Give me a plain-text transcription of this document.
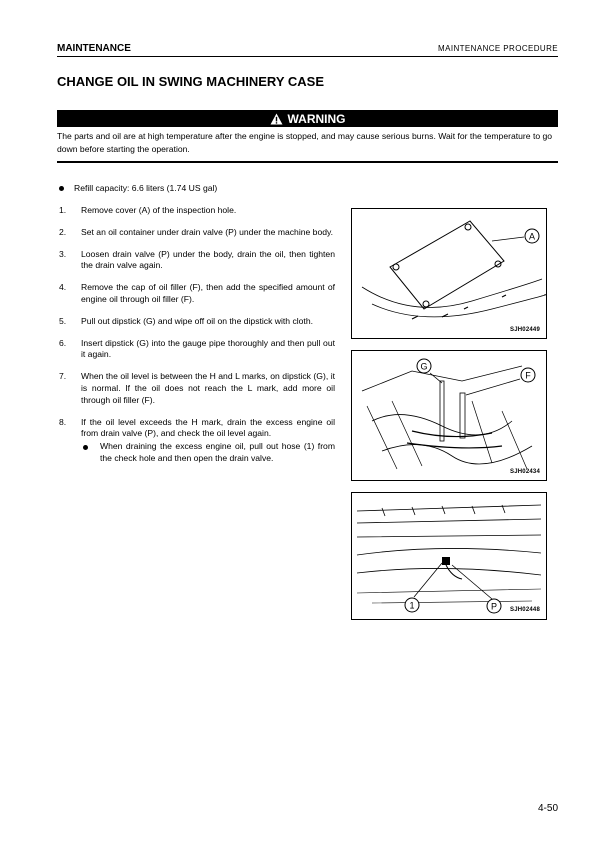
MAINTENANCE	MAINTENANCE PROCEDURE
CHANGE OIL IN SWING MACHINERY CASE
WARNING
The parts and oil are at high temperature after the engine is stopped, and may cause serious burns. Wait for the temperature to go down before starting the operation.
Refill capacity: 6.6 liters (1.74 US gal)
1.	Remove cover (A) of the inspection hole.
2.	Set an oil container under drain valve (P) under the machine body.
3.	Loosen drain valve (P) under the body, drain the oil, then tighten the drain valve again.
4.	Remove the cap of oil filler (F), then add the specified amount of engine oil through oil filler (F).
5.	Pull out dipstick (G) and wipe off oil on the dipstick with cloth.
6.	Insert dipstick (G) into the gauge pipe thoroughly and then pull out it again.
7.	When the oil level is between the H and L marks, on dipstick (G), it is normal. If the oil does not reach the L mark, add more oil through oil filler (F).
8.	If the oil level exceeds the H mark, drain the excess engine oil from drain valve (P), and check the oil level again.
When draining the excess engine oil, pull out hose (1) from the check hole and then open the drain valve.
A
SJH02449
G
F
SJH02434
1	P SJH02448
4-50
